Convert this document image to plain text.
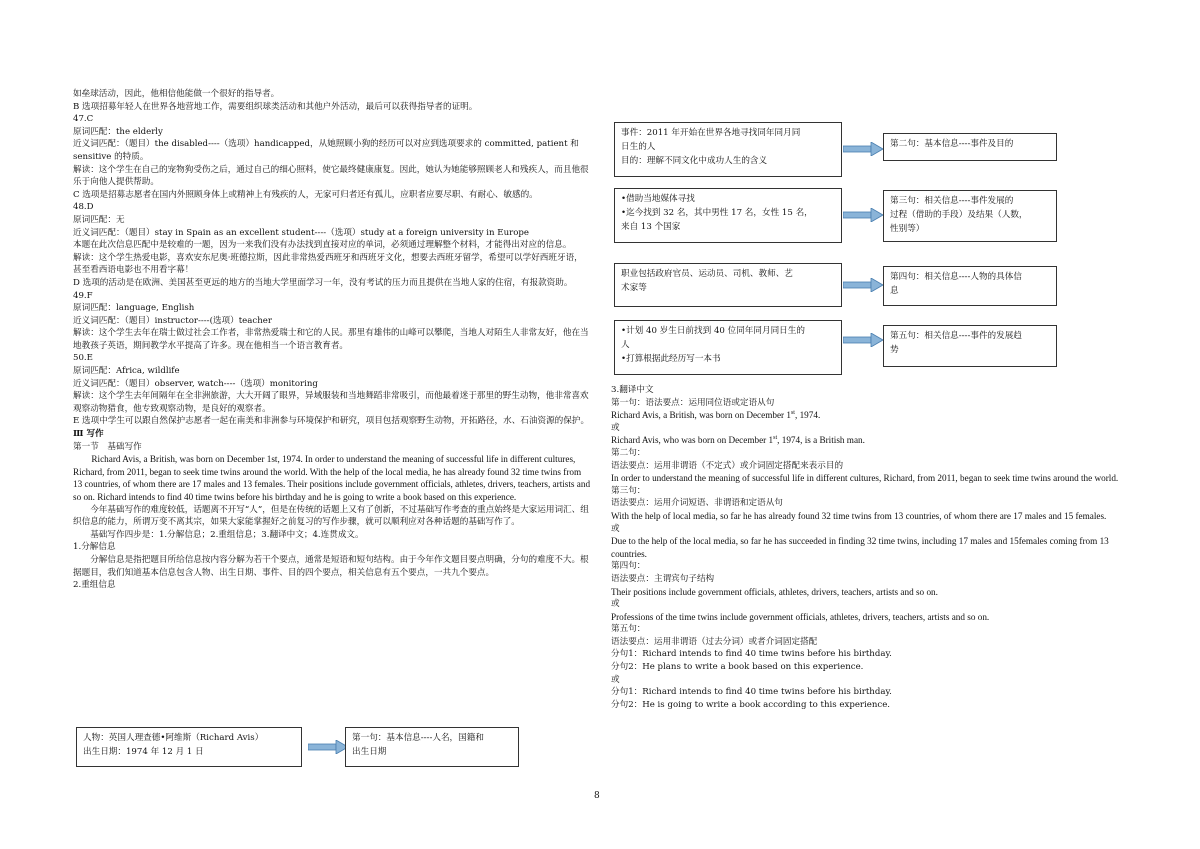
如垒球活动，因此，他相信他能做一个很好的指导者。

B 选项招募年轻人在世界各地营地工作，需要组织球类活动和其他户外活动，最后可以获得指导者的证明。

47.C

原词匹配：the elderly

近义词匹配：（题目）the disabled----（选项）handicapped，从她照顾小狗的经历可以对应到选项要求的 committed, patient 和 sensitive 的特质。

解读：这个学生在自己的宠物狗受伤之后，通过自己的细心照料，使它最终健康康复。因此，她认为她能够照顾老人和残疾人，而且他很乐于向他人提供帮助。

C 选项是招募志愿者在国内外照顾身体上或精神上有残疾的人，无家可归者还有孤儿，应职者应要尽职、有耐心、敏感的。

48.D

原词匹配：无

近义词匹配：（题目）stay in Spain as an excellent student----（选项）study at a foreign university in Europe

本题在此次信息匹配中是较难的一题，因为一来我们没有办法找到直接对应的单词，必须通过理解整个材料，才能得出对应的信息。

解读：这个学生热爱电影，喜欢安东尼奥·班德拉斯，因此非常热爱西班牙和西班牙文化，想要去西班牙留学，希望可以学好西班牙语，甚至看西语电影也不用看字幕！

D 选项的活动是在欧洲、美国甚至更远的地方的当地大学里面学习一年，没有考试的压力而且提供在当地人家的住宿，有报款资助。

49.F

原词匹配：language, English

近义词匹配：（题目）instructor----(选项）teacher

解读：这个学生去年在瑞士做过社会工作者，非常热爱瑞士和它的人民。那里有雄伟的山峰可以攀爬，当地人对陌生人非常友好，他在当地教孩子英语，期间教学水平提高了许多。现在他相当一个语言教育者。

50.E

原词匹配：Africa, wildlife

近义词匹配：（题目）observer, watch----（选项）monitoring

解读：这个学生去年间隔年在全非洲旅游，大大开阔了眼界，异域服装和当地舞蹈非常吸引，而他最着迷于那里的野生动物，他非常喜欢观察动物猎食，他专致观察动物，是良好的观察者。

E 选项中学生可以跟自然保护志愿者一起在南美和非洲参与环境保护和研究，项目包括观察野生动物，开拓路径，水、石油资源的保护。

Ⅲ 写作

第一节　基础写作

Richard Avis, a British, was born on December 1st, 1974. In order to understand the meaning of successful life in different cultures, Richard, from 2011, began to seek time twins around the world. With the help of the local media, he has already found 32 time twins from 13 countries, of whom there are 17 males and 13 females. Their positions include government officials, athletes, drivers, teachers, artists and so on. Richard intends to find 40 time twins before his birthday and he is going to write a book based on this experience.

今年基础写作的难度较低，话题离不开写“人”，但是在传统的话题上又有了创新，不过基础写作考查的重点始终是大家运用词汇、组织信息的能力，所谓万变不离其宗，如果大家能掌握好之前复习的写作步骤，就可以顺利应对各种话题的基础写作了。

基础写作四步是：1.分解信息；2.重组信息；3.翻译中文；4.连贯成文。

1.分解信息

分解信息是指把题目所给信息按内容分解为若干个要点，通常是短语和短句结构。由于今年作文题目要点明确，分句的难度不大。根据题目，我们知道基本信息包含人物、出生日期、事件、目的四个要点，相关信息有五个要点，一共九个要点。

2.重组信息

3.翻译中文

第一句：语法要点：运用同位语或定语从句

Richard Avis, a British, was born on December 1st, 1974.

或

Richard Avis, who was born on December 1st, 1974, is a British man.

第二句：

语法要点：运用非谓语（不定式）或介词固定搭配来表示目的

In order to understand the meaning of successful life in different cultures, Richard, from 2011, began to seek time twins around the world.

第三句：

语法要点：运用介词短语、非谓语和定语从句

With the help of local media, so far he has already found 32 time twins from 13 countries, of whom there are 17 males and 15 females.

或

Due to the help of the local media, so far he has succeeded in finding 32 time twins, including 17 males and 15females coming from 13 countries.

第四句：

语法要点：主谓宾句子结构

Their positions include government officials, athletes, drivers, teachers, artists and so on.

或

Professions of the time twins include government officials, athletes, drivers, teachers, artists and so on.

第五句：

语法要点：运用非谓语（过去分词）或者介词固定搭配

分句1：Richard intends to find 40 time twins before his birthday.

分句2：He plans to write a book based on this experience.

或

分句1：Richard intends to find 40 time twins before his birthday.

分句2：He is going to write a book according to this experience.

人物：英国人理查德•阿维斯（Richard Avis）
出生日期：1974 年 12 月 1 日
第一句：基本信息----人名，国籍和
出生日期
事件：2011 年开始在世界各地寻找同年同月同
日生的人
目的：理解不同文化中成功人生的含义
第二句：基本信息----事件及目的
•借助当地媒体寻找
•迄今找到 32 名，其中男性 17 名，女性 15 名，
来自 13 个国家
第三句：相关信息----事件发展的
过程（借助的手段）及结果（人数，
性别等）
职业包括政府官员、运动员、司机、教师、艺
术家等
第四句：相关信息----人物的具体信
息
•计划 40 岁生日前找到 40 位同年同月同日生的
人
•打算根据此经历写一本书
第五句：相关信息----事件的发展趋
势
8
